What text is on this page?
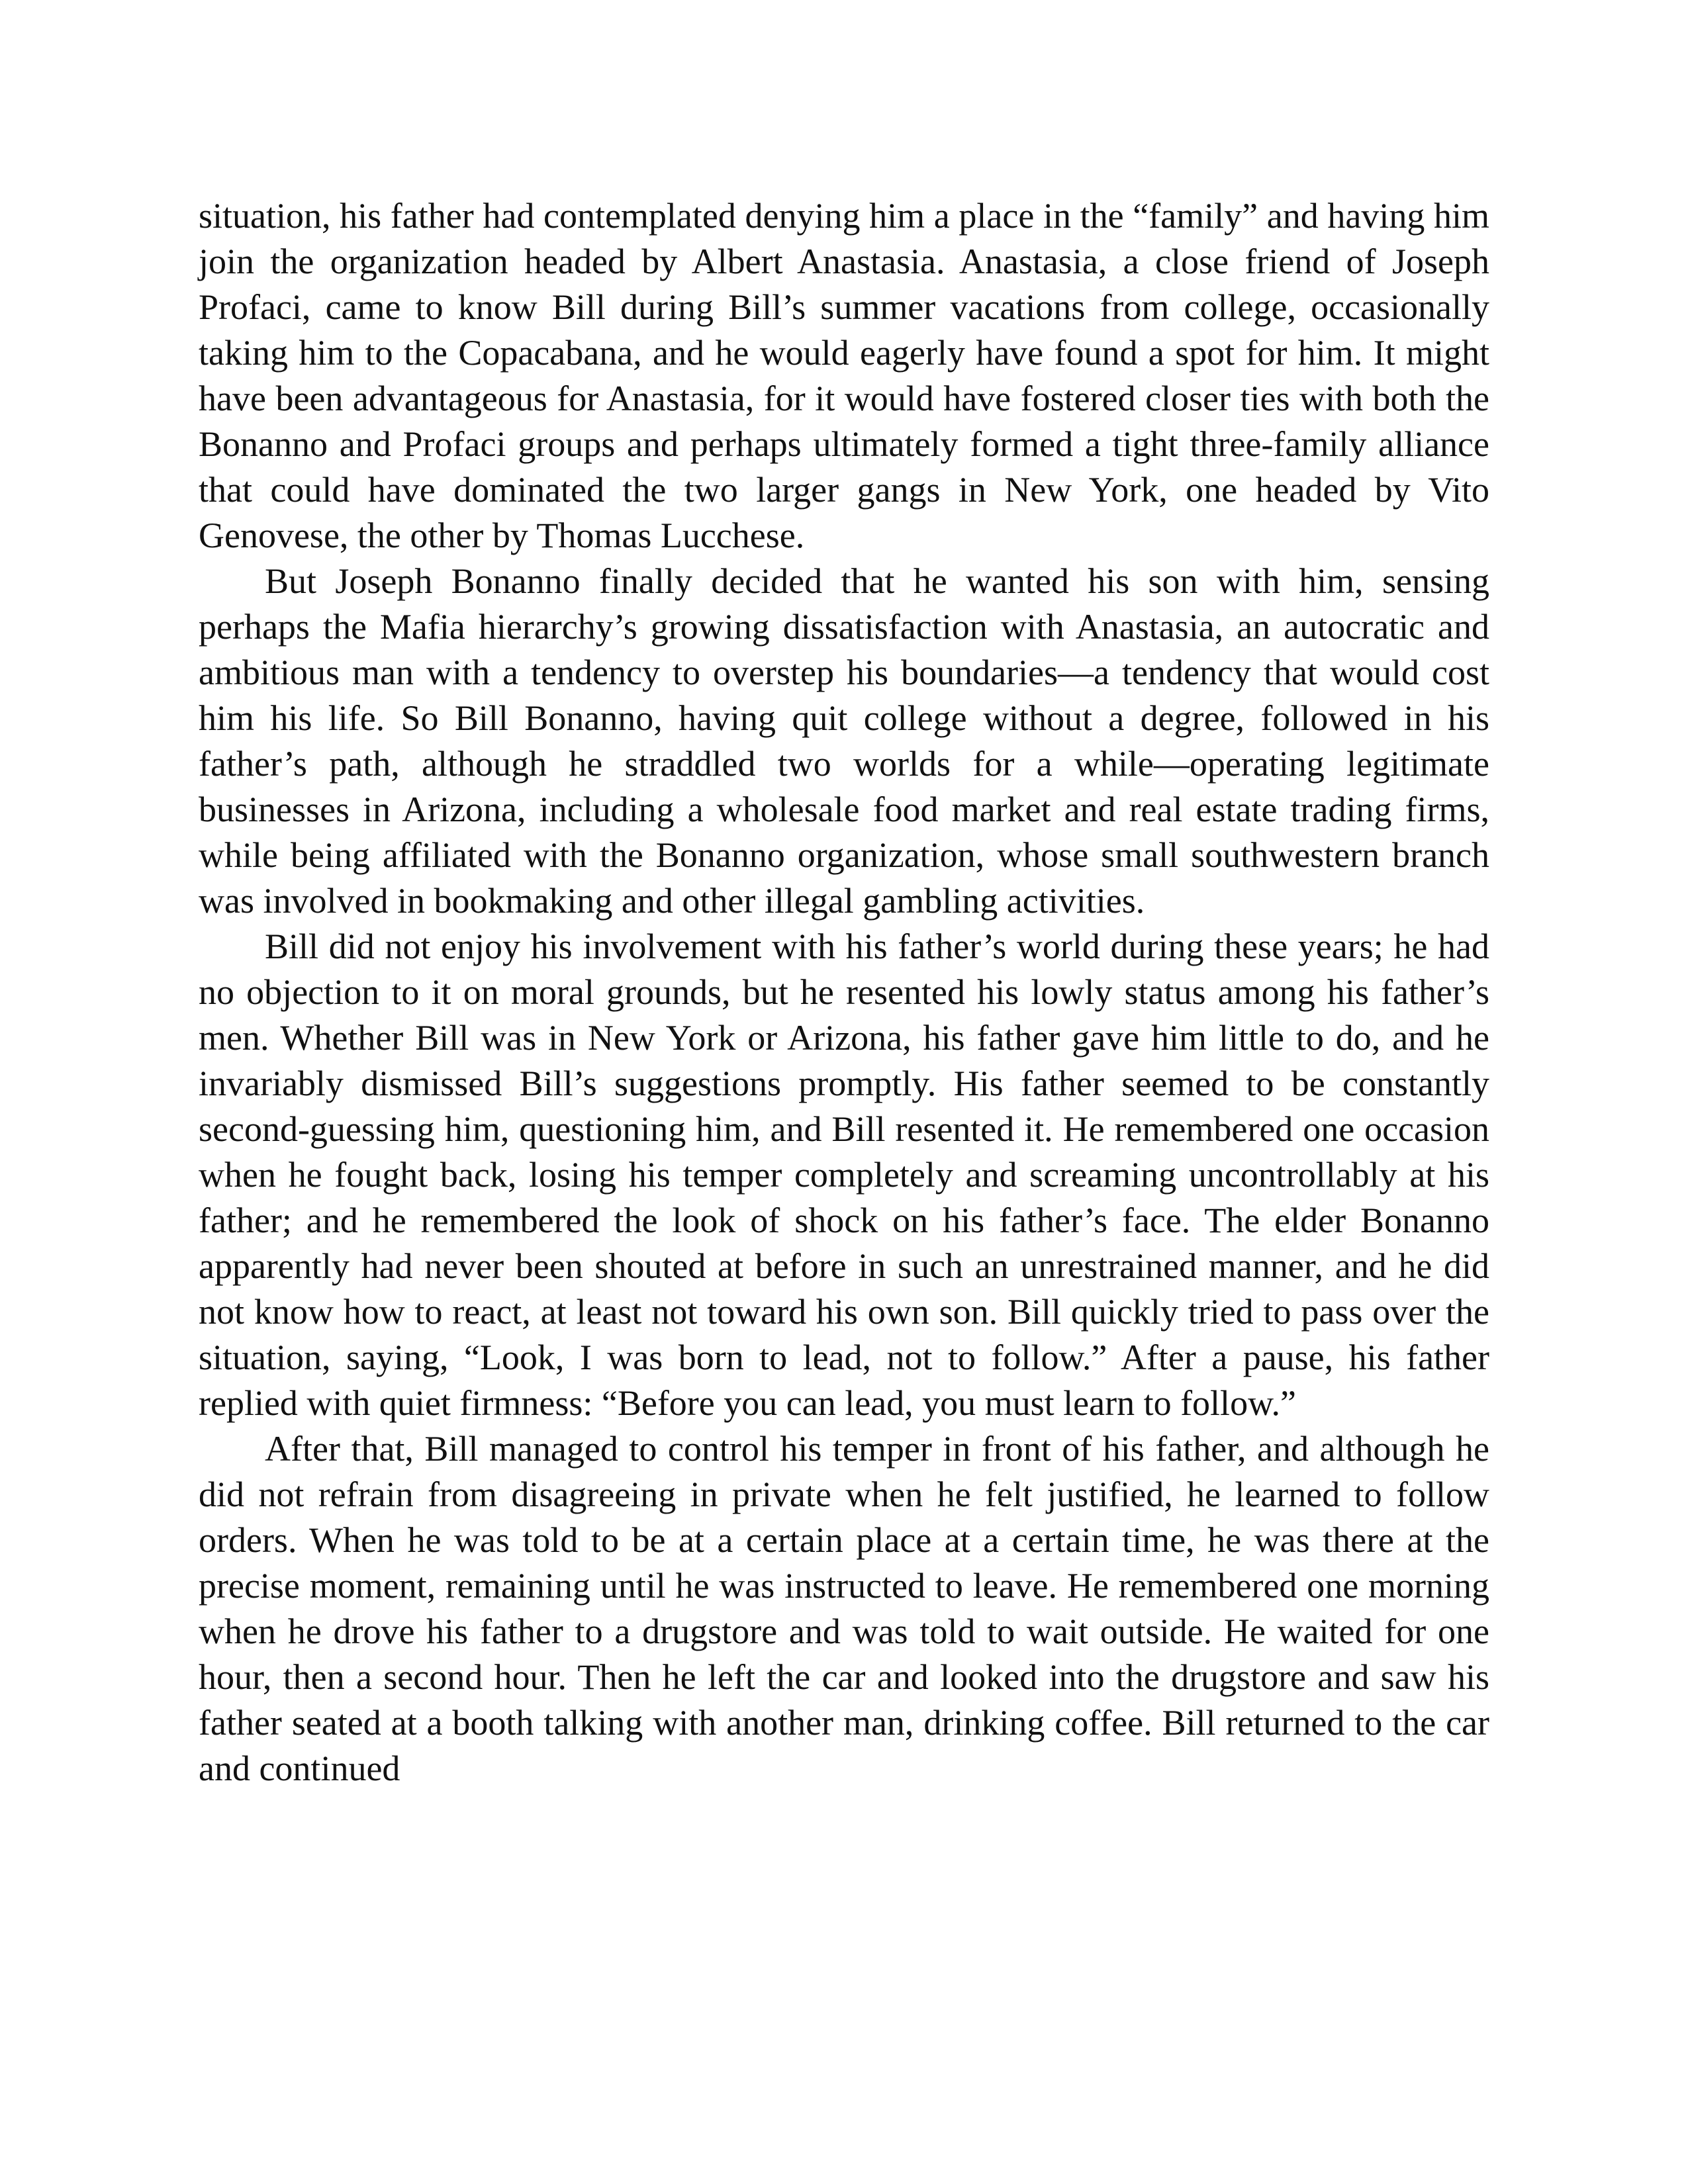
situation, his father had contemplated denying him a place in the “family” and having him join the organization headed by Albert Anastasia. Anastasia, a close friend of Joseph Profaci, came to know Bill during Bill’s summer vacations from college, occasionally taking him to the Copacabana, and he would eagerly have found a spot for him. It might have been advantageous for Anastasia, for it would have fostered closer ties with both the Bonanno and Profaci groups and perhaps ultimately formed a tight three-family alliance that could have dominated the two larger gangs in New York, one headed by Vito Genovese, the other by Thomas Lucchese.

But Joseph Bonanno finally decided that he wanted his son with him, sensing perhaps the Mafia hierarchy’s growing dissatisfaction with Anastasia, an autocratic and ambitious man with a tendency to overstep his boundaries—a tendency that would cost him his life. So Bill Bonanno, having quit college without a degree, followed in his father’s path, although he straddled two worlds for a while—operating legitimate businesses in Arizona, including a wholesale food market and real estate trading firms, while being affiliated with the Bonanno organization, whose small southwestern branch was involved in bookmaking and other illegal gambling activities.

Bill did not enjoy his involvement with his father’s world during these years; he had no objection to it on moral grounds, but he resented his lowly status among his father’s men. Whether Bill was in New York or Arizona, his father gave him little to do, and he invariably dismissed Bill’s suggestions promptly. His father seemed to be constantly second-guessing him, questioning him, and Bill resented it. He remembered one occasion when he fought back, losing his temper completely and screaming uncontrollably at his father; and he remembered the look of shock on his father’s face. The elder Bonanno apparently had never been shouted at before in such an unrestrained manner, and he did not know how to react, at least not toward his own son. Bill quickly tried to pass over the situation, saying, “Look, I was born to lead, not to follow.” After a pause, his father replied with quiet firmness: “Before you can lead, you must learn to follow.”

After that, Bill managed to control his temper in front of his father, and although he did not refrain from disagreeing in private when he felt justified, he learned to follow orders. When he was told to be at a certain place at a certain time, he was there at the precise moment, remaining until he was instructed to leave. He remembered one morning when he drove his father to a drugstore and was told to wait outside. He waited for one hour, then a second hour. Then he left the car and looked into the drugstore and saw his father seated at a booth talking with another man, drinking coffee. Bill returned to the car and continued
